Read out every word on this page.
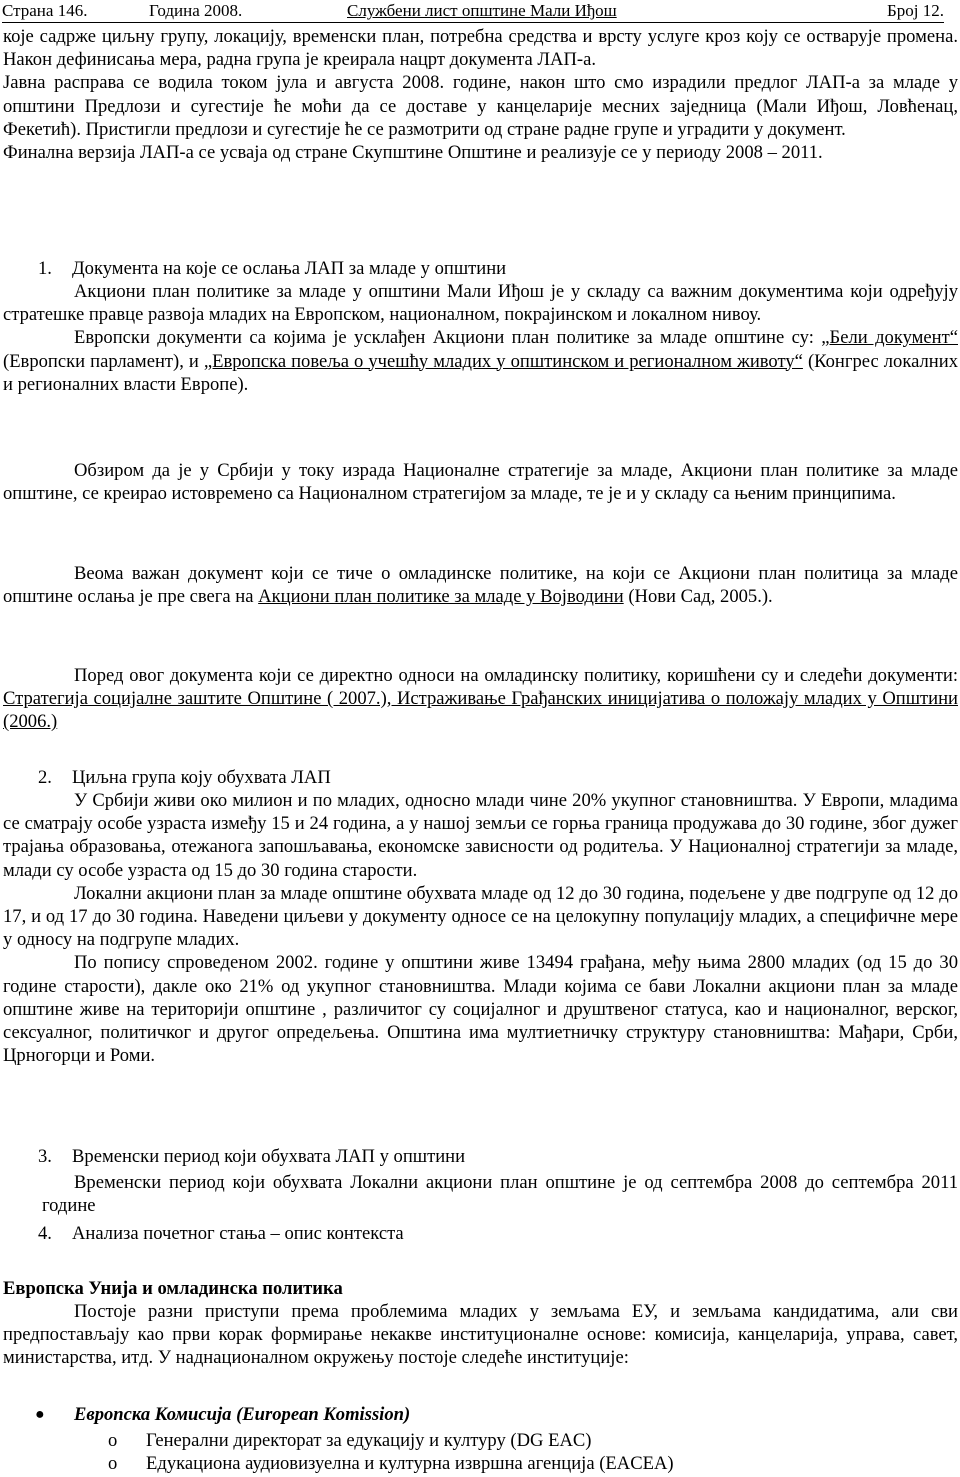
Страна 146.	Година 2008.	Службени лист општине Мали Иђош	Број 12.

које садрже циљну групу, локацију, временски план, потребна средства и врсту услуге кроз коју се остварује промена. Након дефинисања мера, радна група је креирала нацрт документа ЛАП-а.

Јавна расправа се водила током јула и августа 2008. године, након што смо израдили предлог ЛАП-а за младе у општини Предлози и сугестије ће моћи да се доставе у канцеларије месних заједница (Мали Иђош, Ловћенац, Фекетић). Пристигли предлози и сугестије ће се размотрити од стране радне групе и уградити у документ.

Финална верзија ЛАП-а се усваја од стране Скупштине Општине и реализује се у периоду 2008 – 2011.

1. Документа на које се ослања ЛАП за младе у општини

Акциони план политике за младе у општини Мали Иђош је у складу са важним документима који одређују стратешке правце развоја младих на Европском, националном, покрајинском и локалном нивоу.

Европски документи са којима је усклађен Акциони план политике за младе општине су: „Бели документ“ (Европски парламент), и „Европска повеља о учешћу младих у општинском и регионалном животу“ (Конгрес локалних и регионалних власти Европе).

Обзиром да је у Србији у току израда Националне стратегије за младе, Акциони план политике за младе општине, се креирао истовремено са Националном стратегијом за младе, те је и у складу са њеним принципима.

Веома важан документ који се тиче о омладинске политике, на који се Акциони план политица за младе општине ослања је пре свега на Акциони план политике за младе у Војводини (Нови Сад, 2005.).

Поред овог документа који се директно односи на омладинску политику, коришћени су и следећи документи: Стратегија социјалне заштите Општине ( 2007.), Истраживање Грађанских иницијатива о положају младих у Општини (2006.)

2. Циљна група коју обухвата ЛАП

У Србији живи око милион и по младих, односно млади чине 20% укупног становништва. У Европи, младима се сматрају особе узраста између 15 и 24 година, а у нашој земљи се горња граница продужава до 30 године, због дужег трајања образовања, отежаногa запошљавања, економске зависности од родитеља. У Националној стратегији за младе, млади су особе узраста од 15 до 30 година старости.

Локални акциони план за младе општине обухвата младе од 12 до 30 година, подељене у две подгрупе од 12 до 17, и од 17 до 30 година. Наведени циљеви у документу односе се на целокупну популацију младих, а специфичне мере у односу на подгрупе младих.

По попису спроведеном 2002. године у општини живе 13494 грађана, међу њима 2800 младих (од 15 до 30 године старости), дакле око 21% од укупног становништва. Млади којима се бави Локални акциони план за младе општине живе на територији општине , различитог су социјалног и друштвеног статуса, као и националног, верског, сексуалног, политичког и другог опредељења. Општина има мултиетничку структуру становништва: Мађари, Срби, Црногорци и Роми.

3. Временски период који обухвата ЛАП у општини

Временски период који обухвата Локални акциони план општине је од септембра 2008 до септембра 2011 године

4. Анализа почетног стања – опис контекста
Европска Унија и омладинска политика

Постоје разни приступи према проблемима младих у земљама ЕУ, и земљама кандидатима, али сви предпостављају као први корак формирање некакве институционалне основе: комисија, канцеларија, управа, савет, министарства, итд. У наднационалном окружењу постоје следеће институције:

● Европска Комисија (European Komission)
o Генерални директорат за едукацију и културу (DG EAC)
o Едукациона аудиовизуелна и културна извршна агенција (EACEA)
